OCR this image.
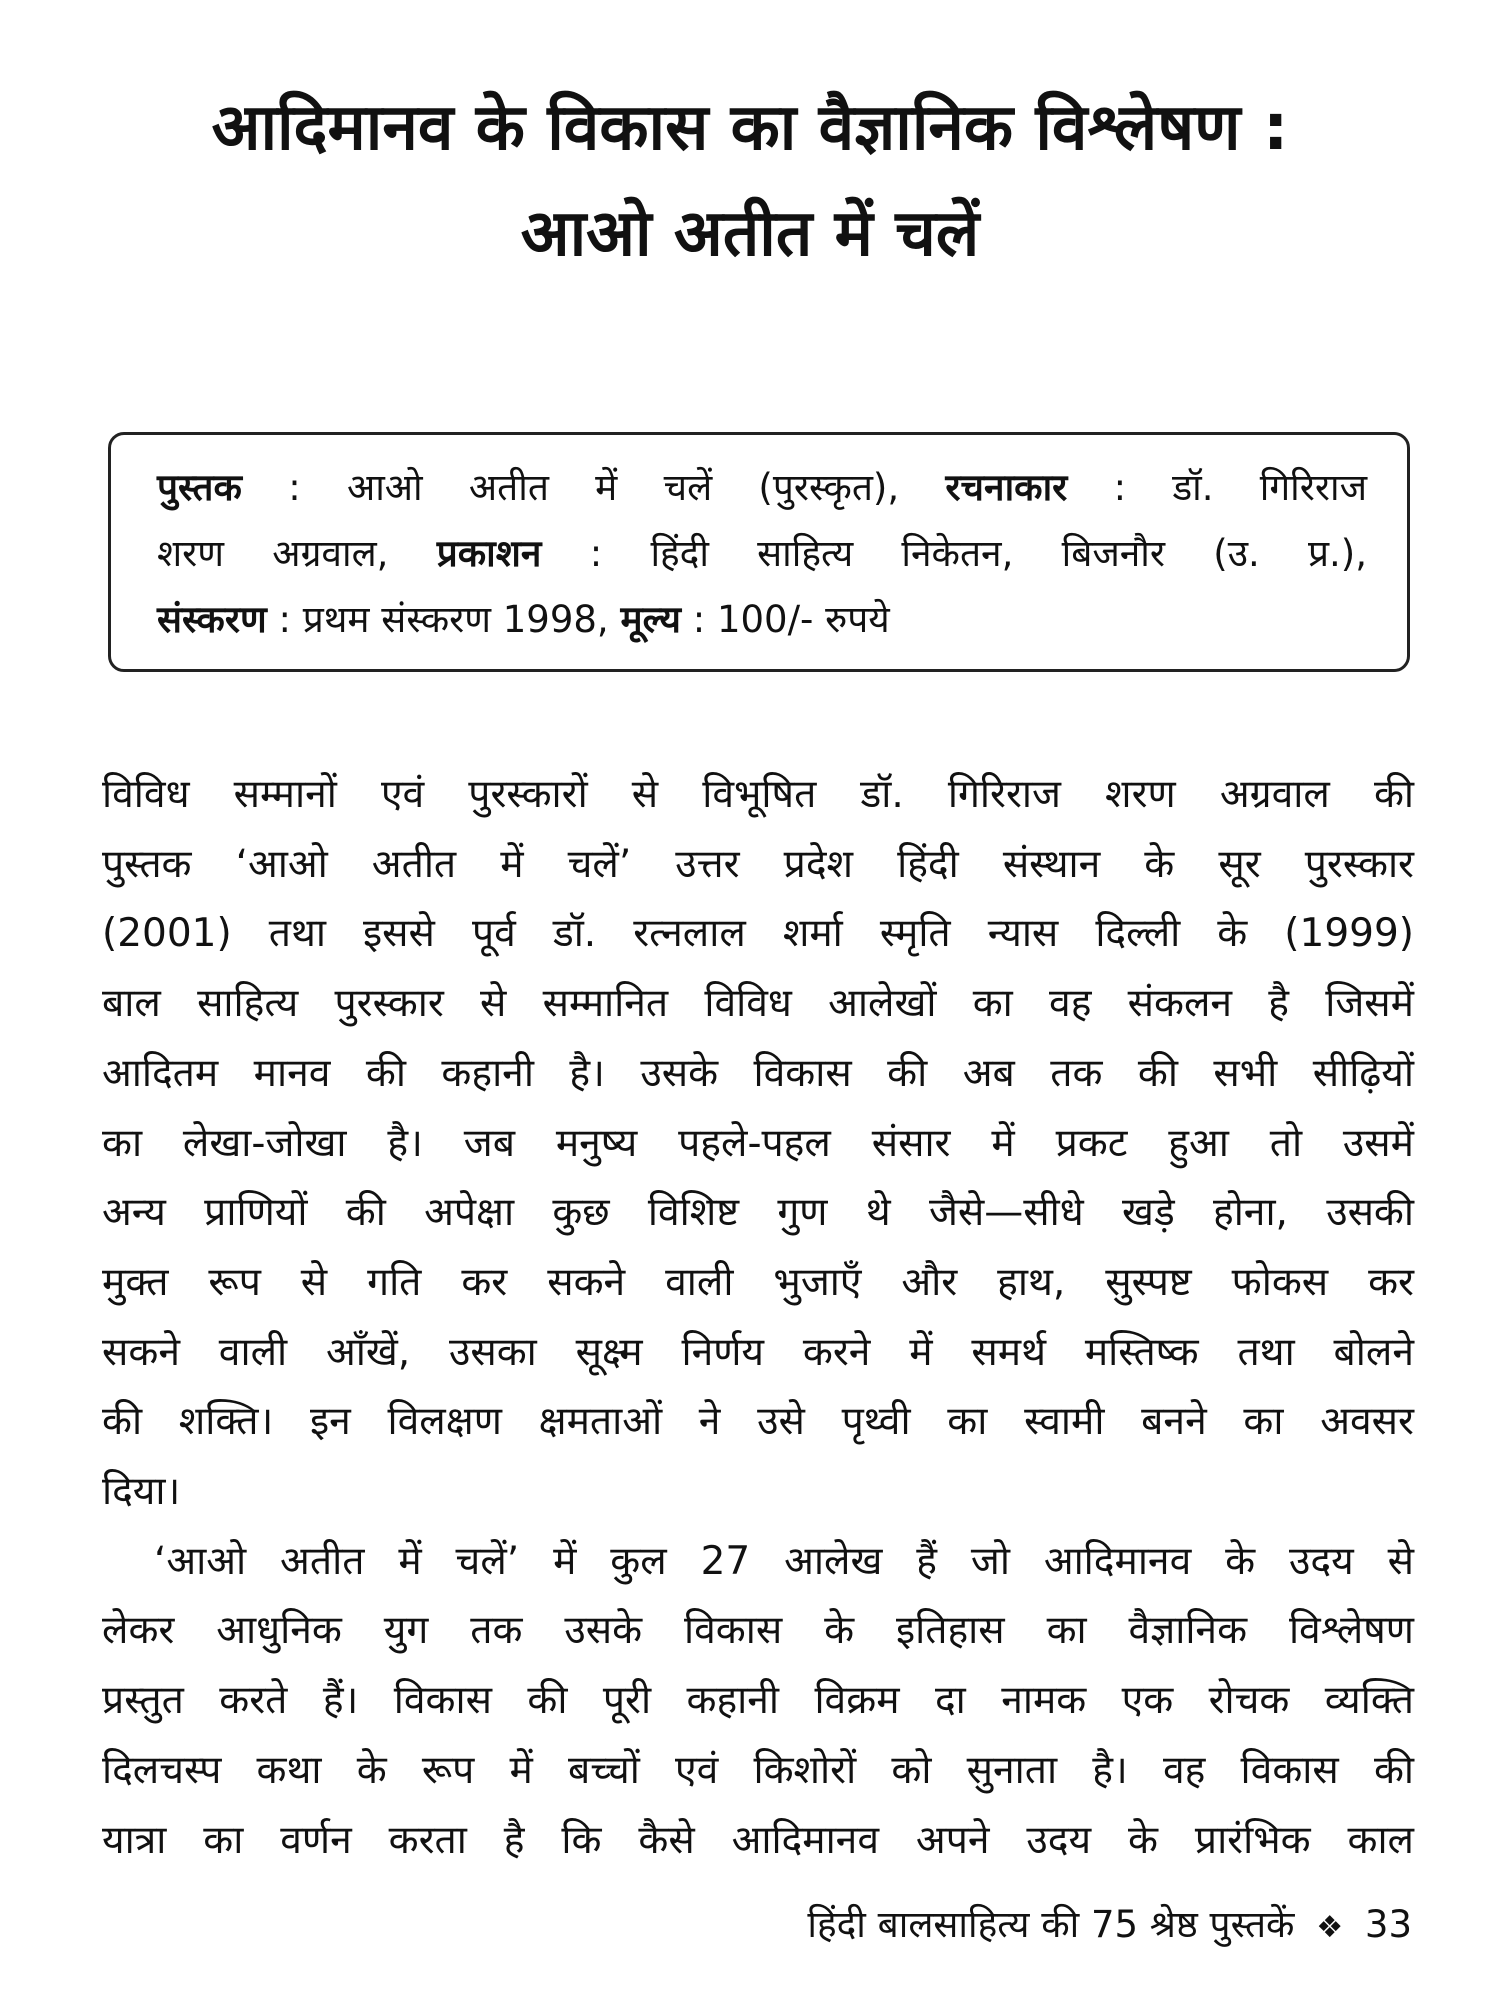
आदिमानव के विकास का वैज्ञानिक विश्लेषण :
आओ अतीत में चलें
पुस्तक : आओ अतीत में चलें (पुरस्कृत), रचनाकार : डॉ. गिरिराज
शरण अग्रवाल, प्रकाशन : हिंदी साहित्य निकेतन, बिजनौर (उ. प्र.),
संस्करण : प्रथम संस्करण 1998, मूल्य : 100/- रुपये
विविध सम्मानों एवं पुरस्कारों से विभूषित डॉ. गिरिराज शरण अग्रवाल की
पुस्तक ‘आओ अतीत में चलें’ उत्तर प्रदेश हिंदी संस्थान के सूर पुरस्कार
(2001) तथा इससे पूर्व डॉ. रत्नलाल शर्मा स्मृति न्यास दिल्ली के (1999)
बाल साहित्य पुरस्कार से सम्मानित विविध आलेखों का वह संकलन है जिसमें
आदितम मानव की कहानी है। उसके विकास की अब तक की सभी सीढ़ियों
का लेखा-जोखा है। जब मनुष्य पहले-पहल संसार में प्रकट हुआ तो उसमें
अन्य प्राणियों की अपेक्षा कुछ विशिष्ट गुण थे जैसे—सीधे खड़े होना, उसकी
मुक्त रूप से गति कर सकने वाली भुजाएँ और हाथ, सुस्पष्ट फोकस कर
सकने वाली आँखें, उसका सूक्ष्म निर्णय करने में समर्थ मस्तिष्क तथा बोलने
की शक्ति। इन विलक्षण क्षमताओं ने उसे पृथ्वी का स्वामी बनने का अवसर
दिया।
‘आओ अतीत में चलें’ में कुल 27 आलेख हैं जो आदिमानव के उदय से
लेकर आधुनिक युग तक उसके विकास के इतिहास का वैज्ञानिक विश्लेषण
प्रस्तुत करते हैं। विकास की पूरी कहानी विक्रम दा नामक एक रोचक व्यक्ति
दिलचस्प कथा के रूप में बच्चों एवं किशोरों को सुनाता है। वह विकास की
यात्रा का वर्णन करता है कि कैसे आदिमानव अपने उदय के प्रारंभिक काल
हिंदी बालसाहित्य की 75 श्रेष्ठ पुस्तकें ❖ 33
